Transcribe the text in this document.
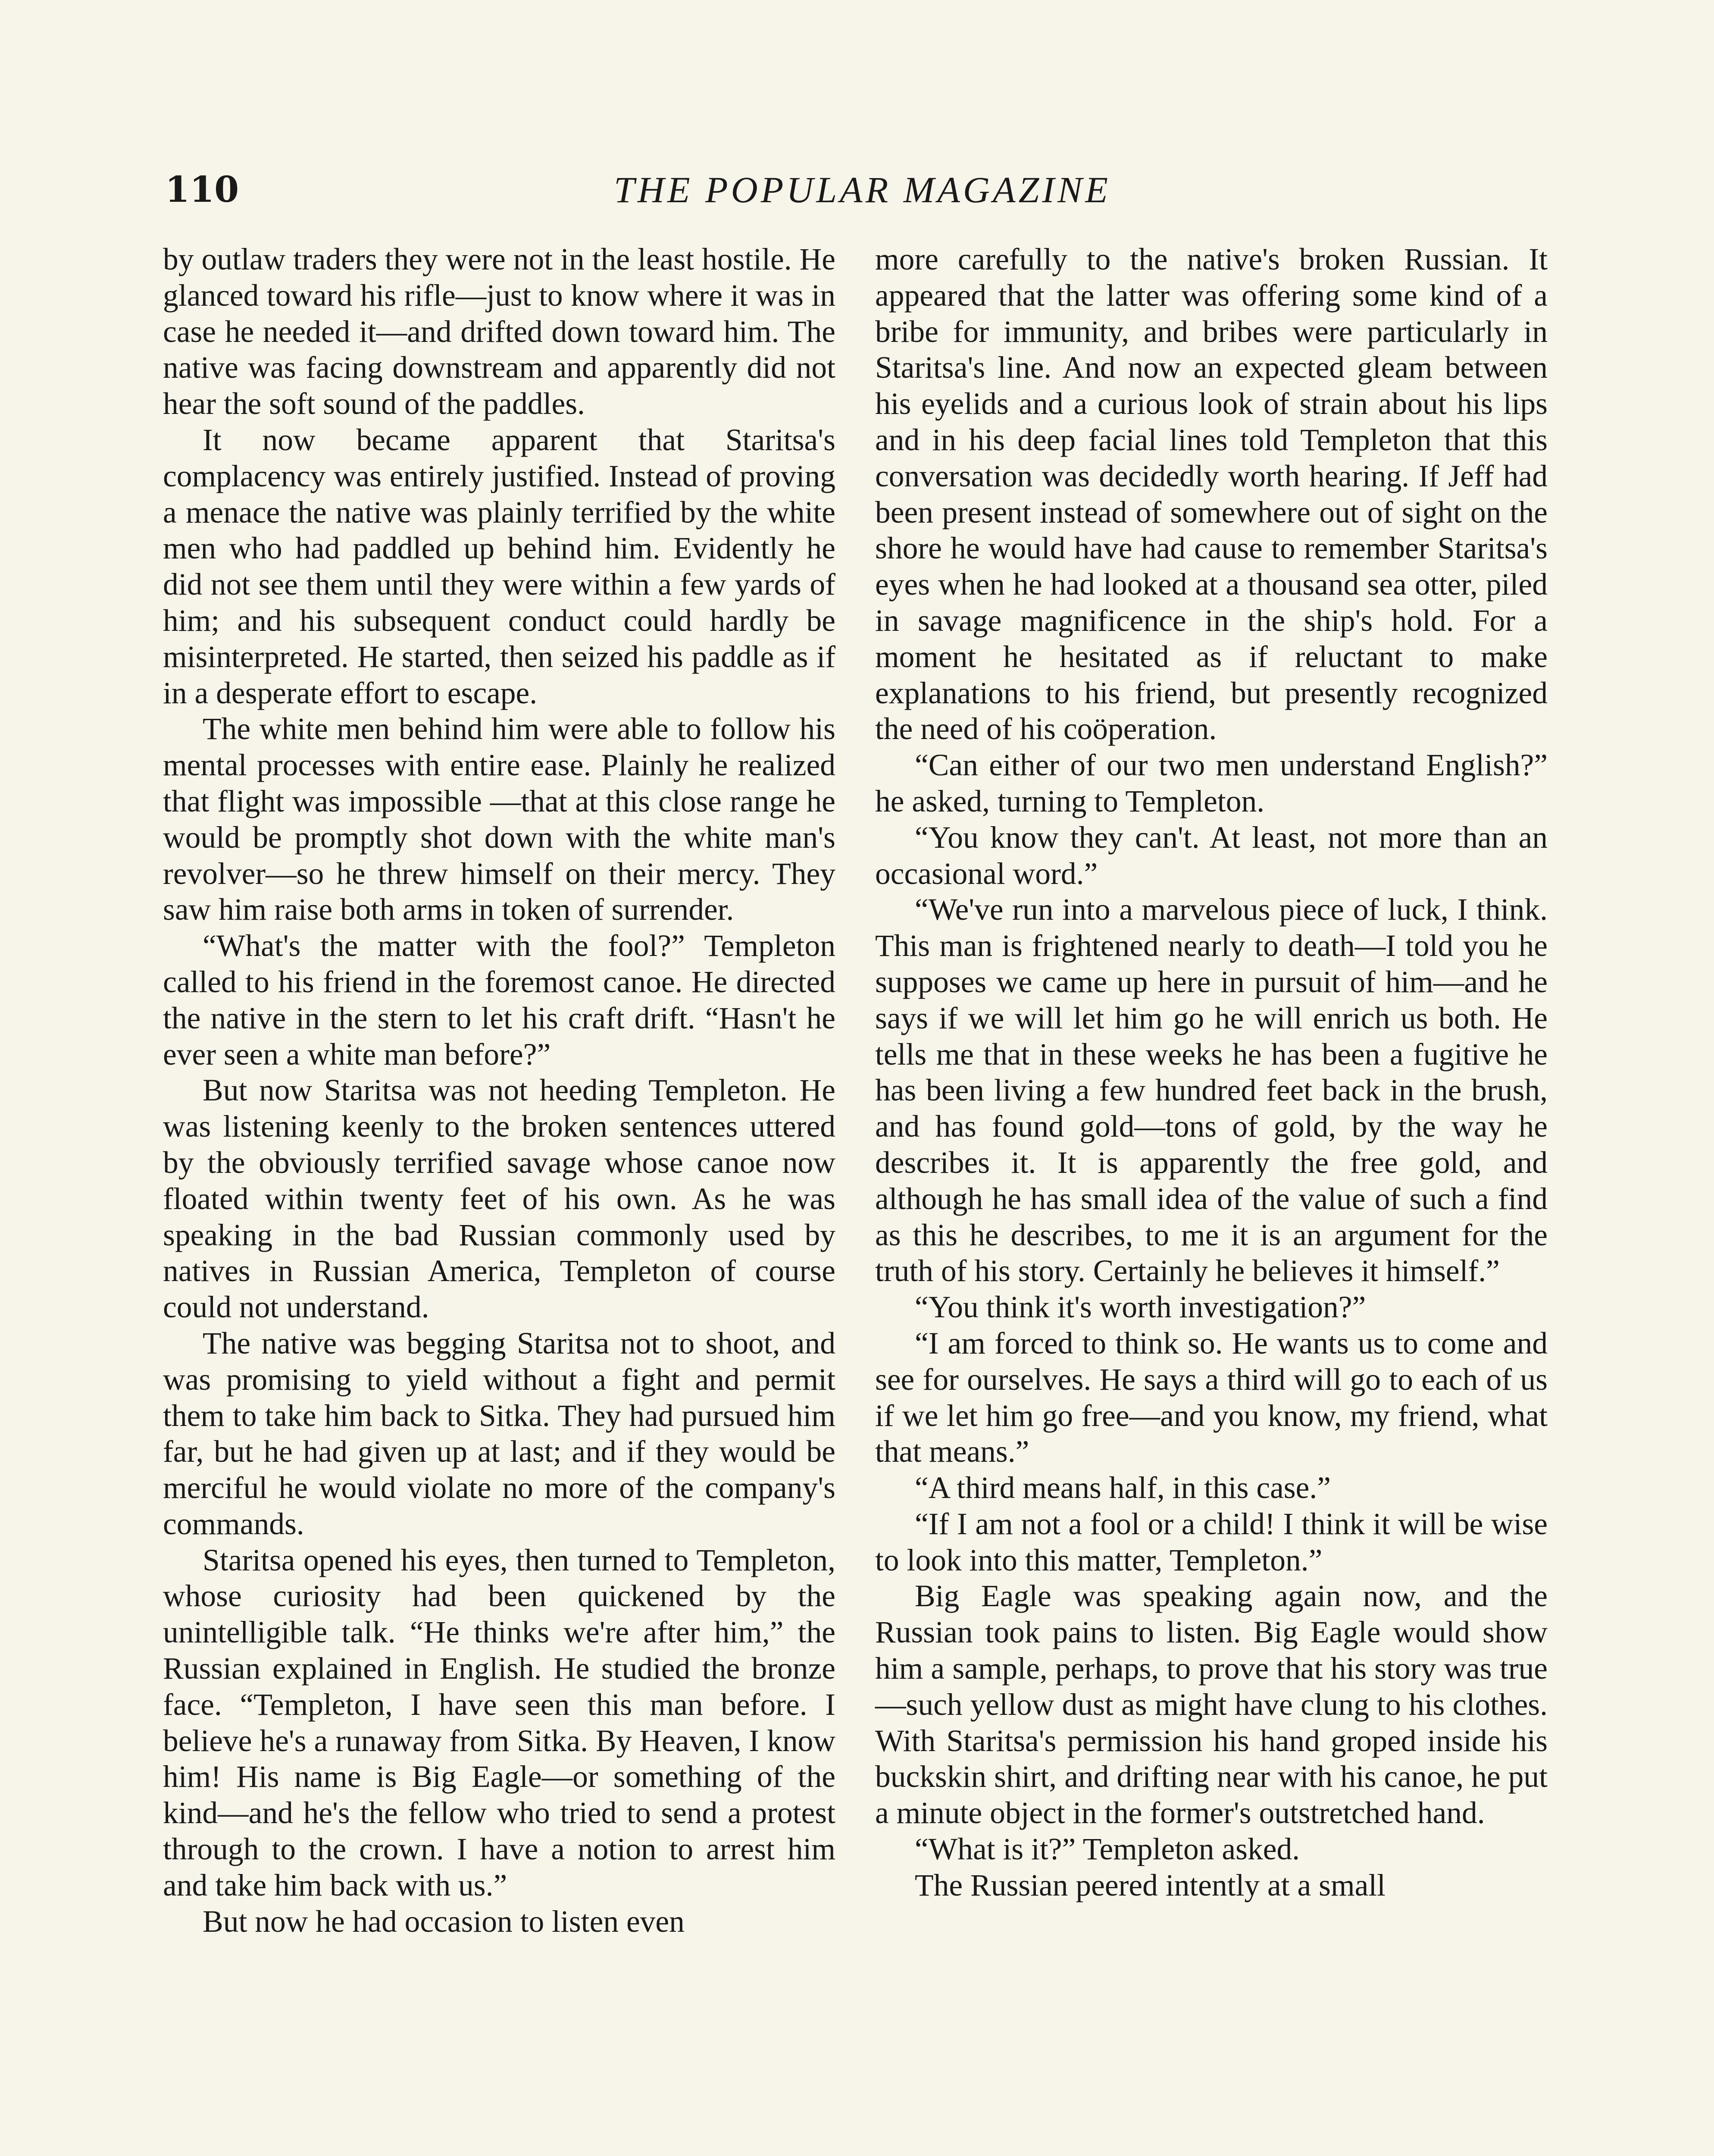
110	THE POPULAR MAGAZINE

by outlaw traders they were not in the least hostile. He glanced toward his rifle—just to know where it was in case he needed it—and drifted down toward him. The native was facing downstream and apparently did not hear the soft sound of the paddles.

It now became apparent that Staritsa's complacency was entirely justified. Instead of proving a menace the native was plainly terrified by the white men who had paddled up behind him. Evidently he did not see them until they were within a few yards of him; and his subsequent conduct could hardly be misinterpreted. He started, then seized his paddle as if in a desperate effort to escape.

The white men behind him were able to follow his mental processes with entire ease. Plainly he realized that flight was impossible —that at this close range he would be promptly shot down with the white man's revolver—so he threw himself on their mercy. They saw him raise both arms in token of surrender.

“What's the matter with the fool?” Templeton called to his friend in the foremost canoe. He directed the native in the stern to let his craft drift. “Hasn't he ever seen a white man before?”

But now Staritsa was not heeding Templeton. He was listening keenly to the broken sentences uttered by the obviously terrified savage whose canoe now floated within twenty feet of his own. As he was speaking in the bad Russian commonly used by natives in Russian America, Templeton of course could not understand.

The native was begging Staritsa not to shoot, and was promising to yield without a fight and permit them to take him back to Sitka. They had pursued him far, but he had given up at last; and if they would be merciful he would violate no more of the company's commands.

Staritsa opened his eyes, then turned to Templeton, whose curiosity had been quickened by the unintelligible talk. “He thinks we're after him,” the Russian explained in English. He studied the bronze face. “Templeton, I have seen this man before. I believe he's a runaway from Sitka. By Heaven, I know him! His name is Big Eagle—or something of the kind—and he's the fellow who tried to send a protest through to the crown. I have a notion to arrest him and take him back with us.”

But now he had occasion to listen even

more carefully to the native's broken Russian. It appeared that the latter was offering some kind of a bribe for immunity, and bribes were particularly in Staritsa's line. And now an expected gleam between his eyelids and a curious look of strain about his lips and in his deep facial lines told Templeton that this conversation was decidedly worth hearing. If Jeff had been present instead of somewhere out of sight on the shore he would have had cause to remember Staritsa's eyes when he had looked at a thousand sea otter, piled in savage magnificence in the ship's hold. For a moment he hesitated as if reluctant to make explanations to his friend, but presently recognized the need of his coöperation.

“Can either of our two men understand English?” he asked, turning to Templeton.

“You know they can't. At least, not more than an occasional word.”

“We've run into a marvelous piece of luck, I think. This man is frightened nearly to death—I told you he supposes we came up here in pursuit of him—and he says if we will let him go he will enrich us both. He tells me that in these weeks he has been a fugitive he has been living a few hundred feet back in the brush, and has found gold—tons of gold, by the way he describes it. It is apparently the free gold, and although he has small idea of the value of such a find as this he describes, to me it is an argument for the truth of his story. Certainly he believes it himself.”

“You think it's worth investigation?”

“I am forced to think so. He wants us to come and see for ourselves. He says a third will go to each of us if we let him go free—and you know, my friend, what that means.”

“A third means half, in this case.”

“If I am not a fool or a child! I think it will be wise to look into this matter, Templeton.”

Big Eagle was speaking again now, and the Russian took pains to listen. Big Eagle would show him a sample, perhaps, to prove that his story was true—such yellow dust as might have clung to his clothes. With Staritsa's permission his hand groped inside his buckskin shirt, and drifting near with his canoe, he put a minute object in the former's outstretched hand.

“What is it?” Templeton asked.

The Russian peered intently at a small
